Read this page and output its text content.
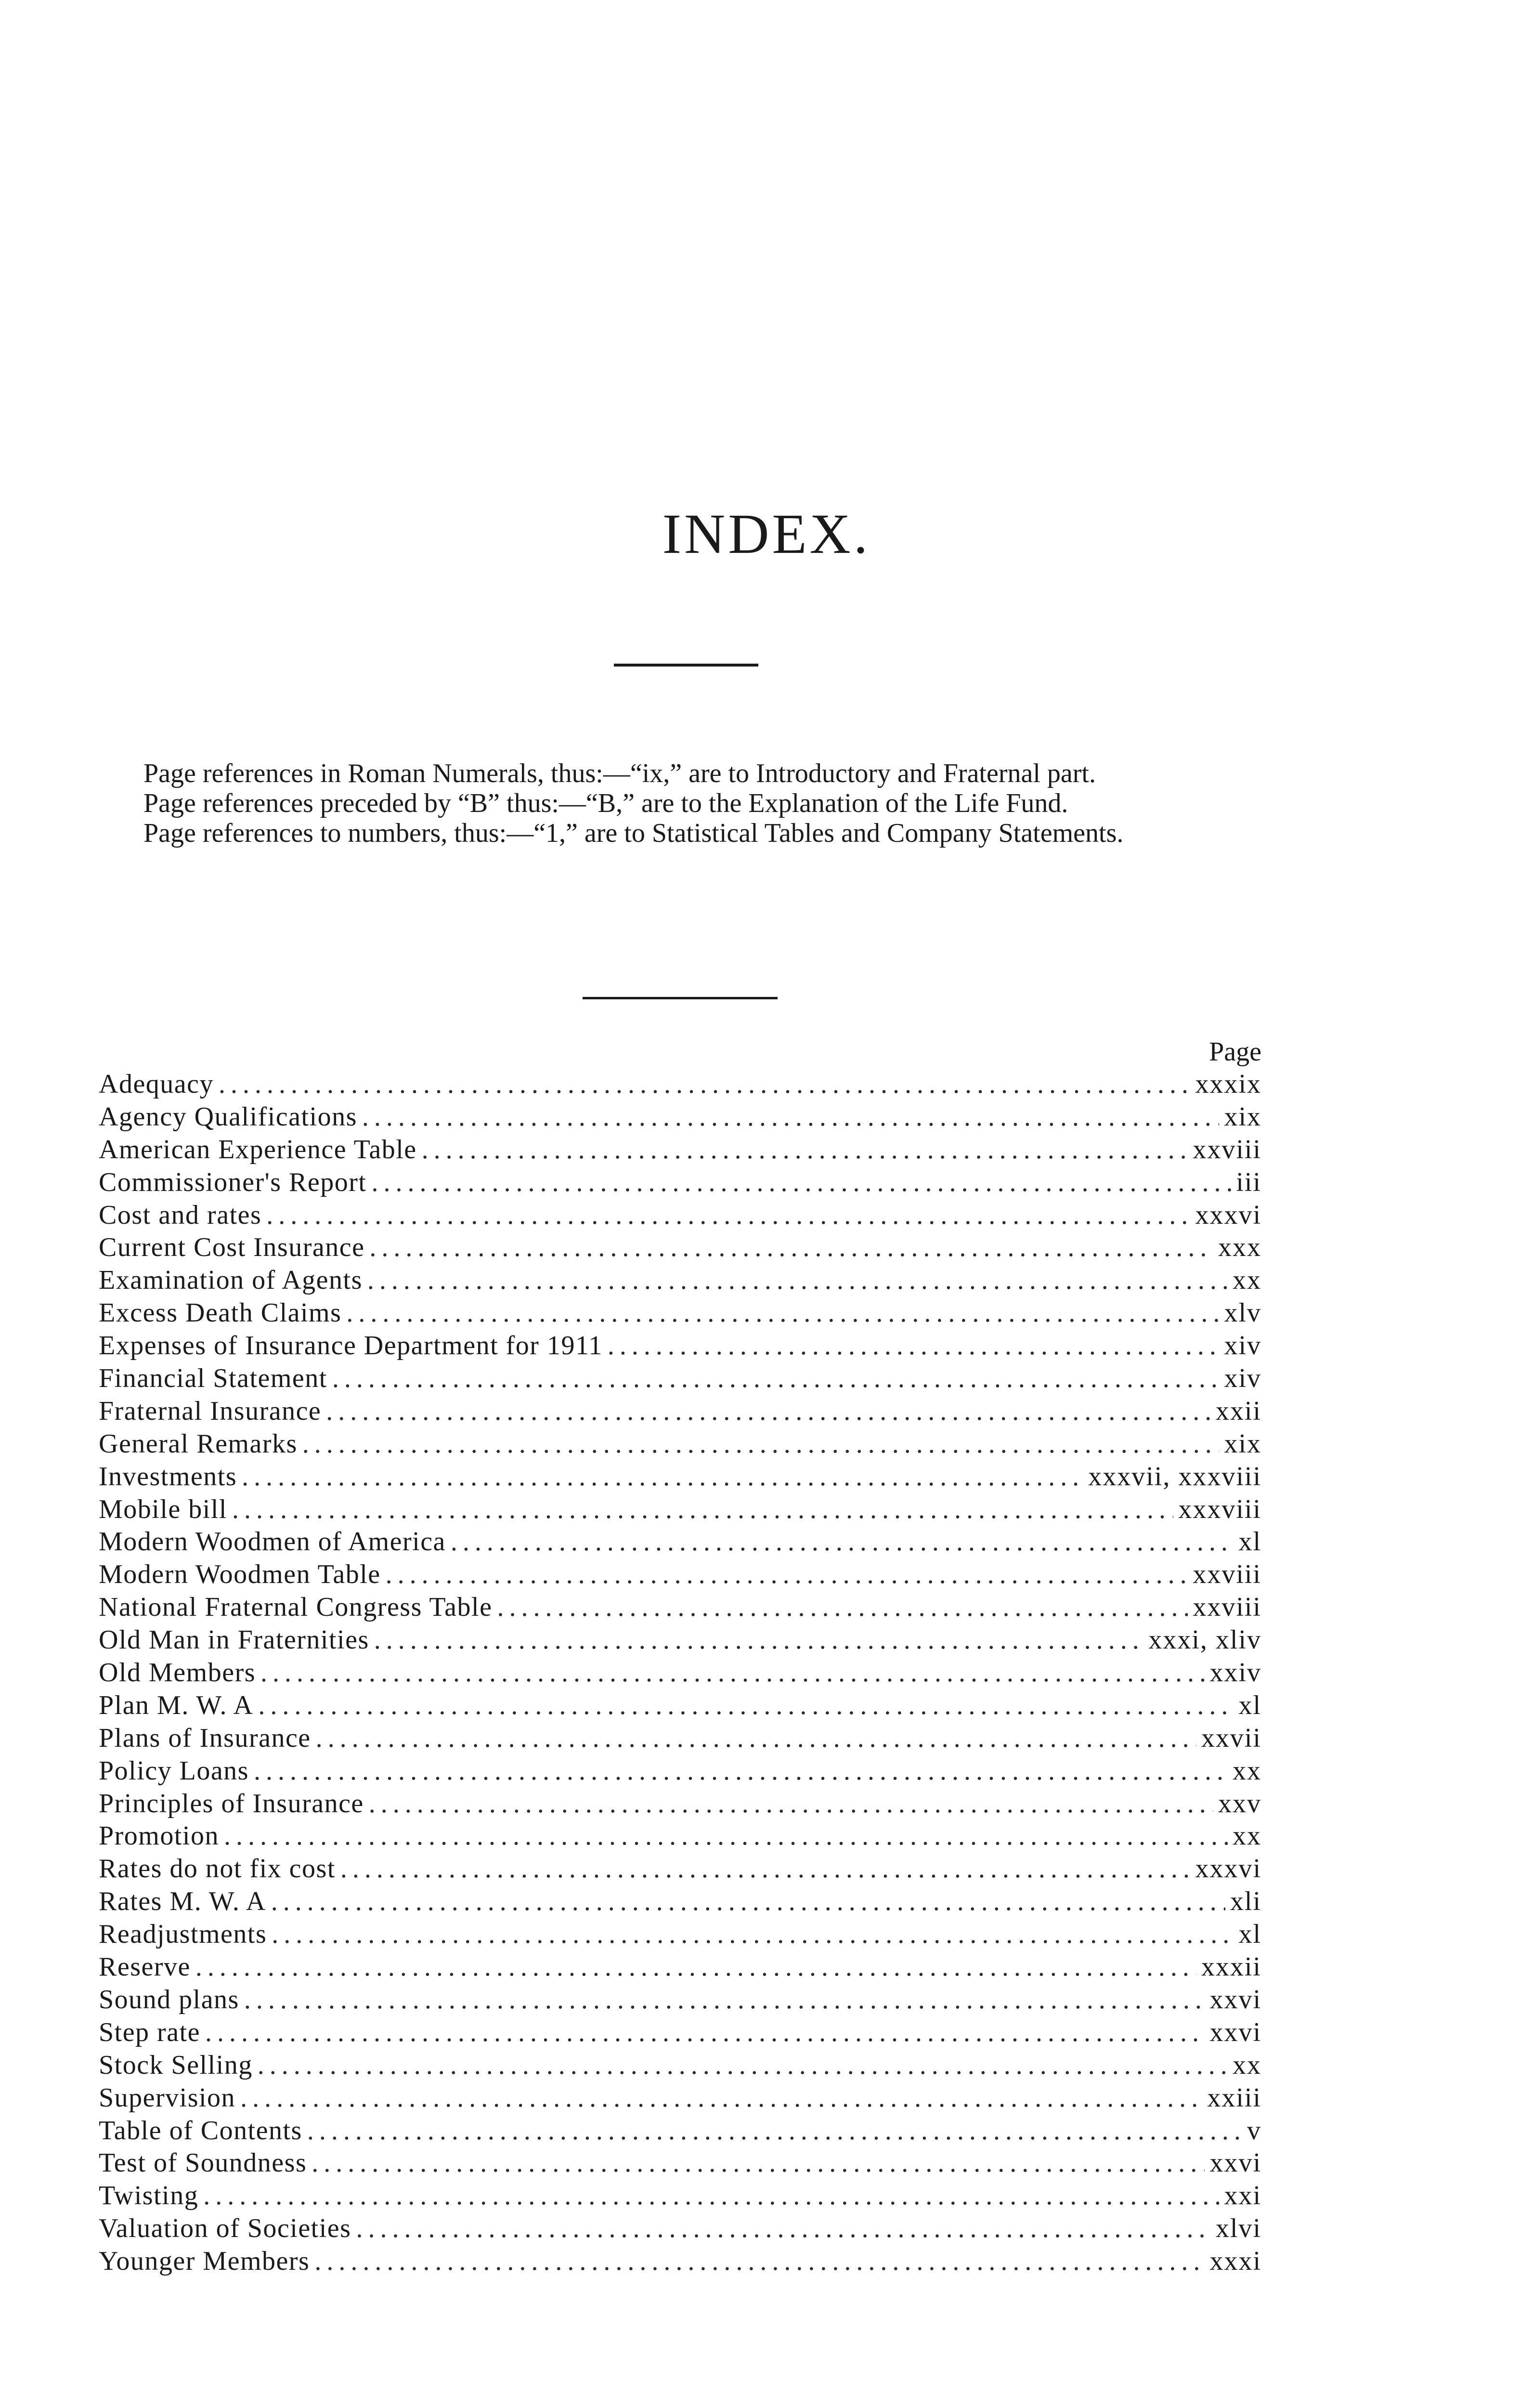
INDEX.

Page references in Roman Numerals, thus:—“ix,” are to Introductory and Fraternal part.

Page references preceded by “B” thus:—“B,” are to the Explanation of the Life Fund.

Page references to numbers, thus:—“1,” are to Statistical Tables and Company Statements.

Page
Adequacy .....	xxxix
Agency Qualifications .....	xix
American Experience Table .....	xxviii
Commissioner's Report .....	iii
Cost and rates .....	xxxvi
Current Cost Insurance .....	xxx
Examination of Agents .....	xx
Excess Death Claims .....	xlv
Expenses of Insurance Department for 1911 .....	xiv
Financial Statement .....	xiv
Fraternal Insurance .....	xxii
General Remarks .....	xix
Investments .....	xxxvii, xxxviii
Mobile bill .....	xxxviii
Modern Woodmen of America .....	xl
Modern Woodmen Table .....	xxviii
National Fraternal Congress Table .....	xxviii
Old Man in Fraternities .....	xxxi, xliv
Old Members .....	xxiv
Plan M. W. A .....	xl
Plans of Insurance .....	xxvii
Policy Loans .....	xx
Principles of Insurance .....	xxv
Promotion .....	xx
Rates do not fix cost .....	xxxvi
Rates M. W. A .....	xli
Readjustments .....	xl
Reserve .....	xxxii
Sound plans .....	xxvi
Step rate .....	xxvi
Stock Selling .....	xx
Supervision .....	xxiii
Table of Contents .....	v
Test of Soundness .....	xxvi
Twisting .....	xxi
Valuation of Societies .....	xlvi
Younger Members .....	xxxi
